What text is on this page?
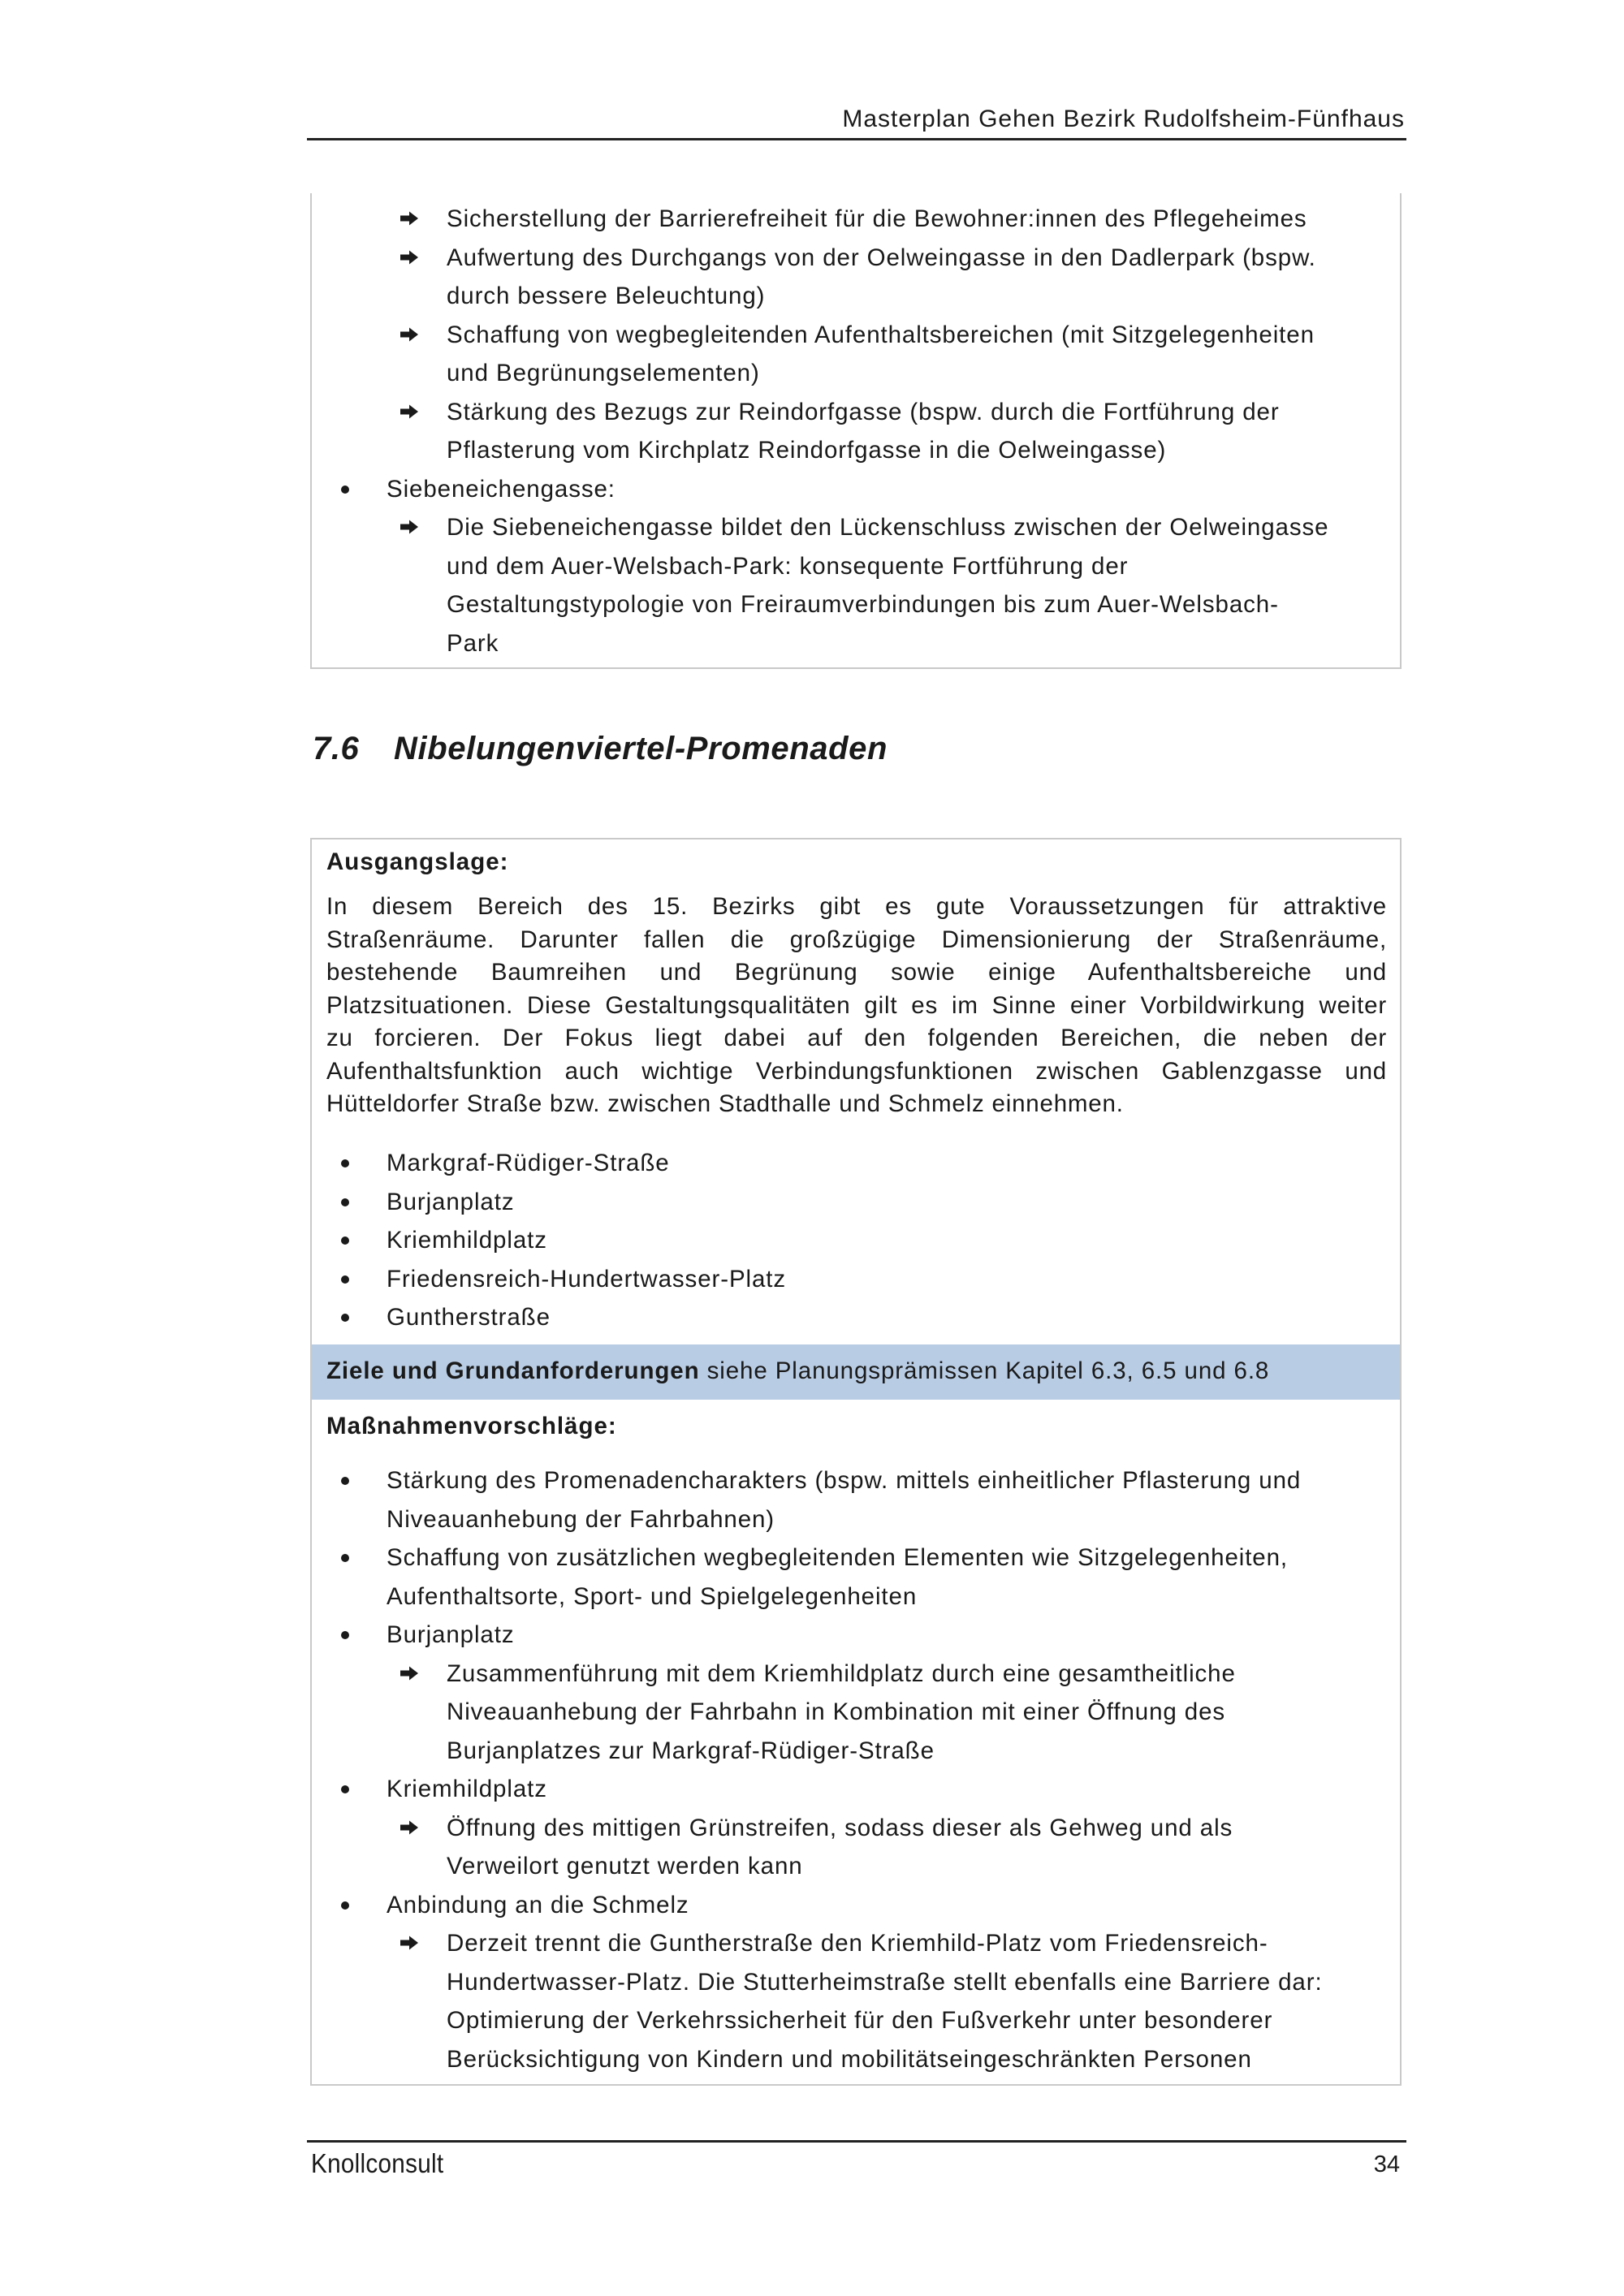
Masterplan Gehen Bezirk Rudolfsheim-Fünfhaus
Sicherstellung der Barrierefreiheit für die Bewohner:innen des Pflegeheimes
Aufwertung des Durchgangs von der Oelweingasse in den Dadlerpark (bspw.
durch bessere Beleuchtung)
Schaffung von wegbegleitenden Aufenthaltsbereichen (mit Sitzgelegenheiten
und Begrünungselementen)
Stärkung des Bezugs zur Reindorfgasse (bspw. durch die Fortführung der
Pflasterung vom Kirchplatz Reindorfgasse in die Oelweingasse)
Siebeneichengasse:
Die Siebeneichengasse bildet den Lückenschluss zwischen der Oelweingasse
und dem Auer-Welsbach-Park: konsequente Fortführung der
Gestaltungstypologie von Freiraumverbindungen bis zum Auer-Welsbach-
Park
7.6 Nibelungenviertel-Promenaden
Ausgangslage:
In diesem Bereich des 15. Bezirks gibt es gute Voraussetzungen für attraktive
Straßenräume. Darunter fallen die großzügige Dimensionierung der Straßenräume,
bestehende Baumreihen und Begrünung sowie einige Aufenthaltsbereiche und
Platzsituationen. Diese Gestaltungsqualitäten gilt es im Sinne einer Vorbildwirkung weiter
zu forcieren. Der Fokus liegt dabei auf den folgenden Bereichen, die neben der
Aufenthaltsfunktion auch wichtige Verbindungsfunktionen zwischen Gablenzgasse und
Hütteldorfer Straße bzw. zwischen Stadthalle und Schmelz einnehmen.
Markgraf-Rüdiger-Straße
Burjanplatz
Kriemhildplatz
Friedensreich-Hundertwasser-Platz
Guntherstraße
Ziele und Grundanforderungen siehe Planungsprämissen Kapitel 6.3, 6.5 und 6.8
Maßnahmenvorschläge:
Stärkung des Promenadencharakters (bspw. mittels einheitlicher Pflasterung und
Niveauanhebung der Fahrbahnen)
Schaffung von zusätzlichen wegbegleitenden Elementen wie Sitzgelegenheiten,
Aufenthaltsorte, Sport- und Spielgelegenheiten
Burjanplatz
Zusammenführung mit dem Kriemhildplatz durch eine gesamtheitliche
Niveauanhebung der Fahrbahn in Kombination mit einer Öffnung des
Burjanplatzes zur Markgraf-Rüdiger-Straße
Kriemhildplatz
Öffnung des mittigen Grünstreifen, sodass dieser als Gehweg und als
Verweilort genutzt werden kann
Anbindung an die Schmelz
Derzeit trennt die Guntherstraße den Kriemhild-Platz vom Friedensreich-
Hundertwasser-Platz. Die Stutterheimstraße stellt ebenfalls eine Barriere dar:
Optimierung der Verkehrssicherheit für den Fußverkehr unter besonderer
Berücksichtigung von Kindern und mobilitätseingeschränkten Personen
Knollconsult	34
